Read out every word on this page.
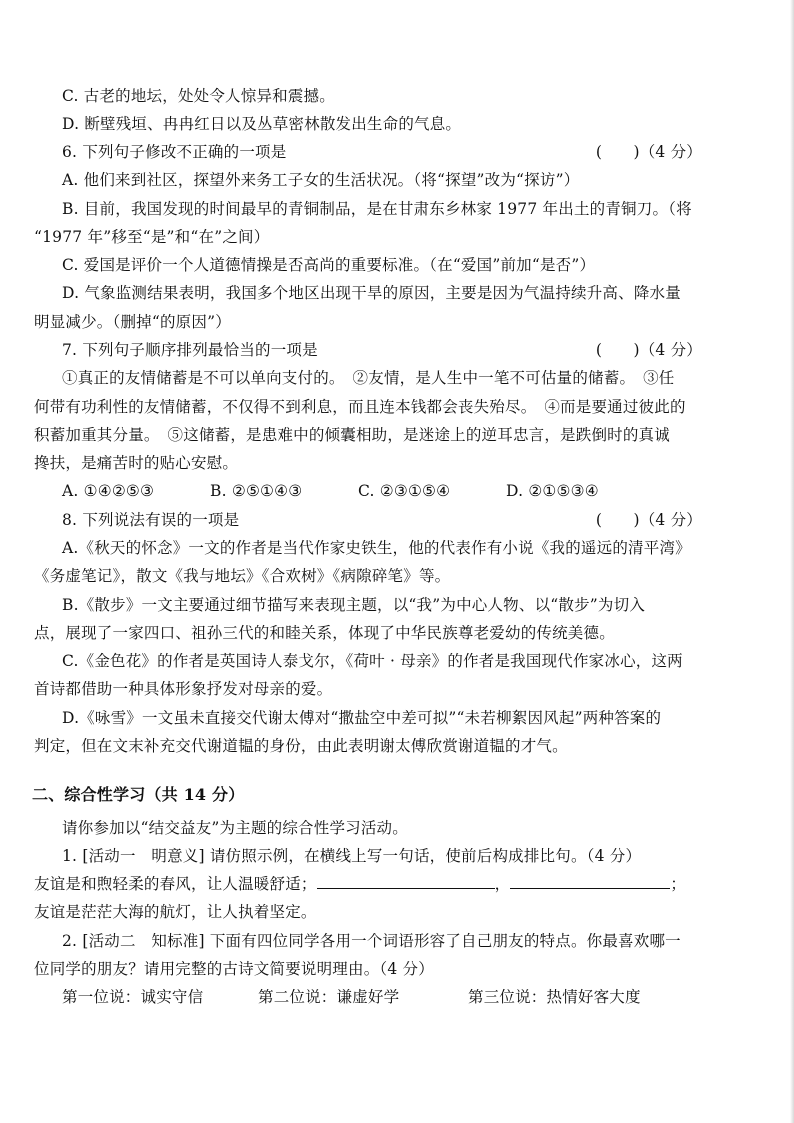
C. 古老的地坛，处处令人惊异和震撼。
D. 断壁残垣、冉冉红日以及丛草密林散发出生命的气息。
6. 下列句子修改不正确的一项是	(　　)（4 分）
A. 他们来到社区，探望外来务工子女的生活状况。（将“探望”改为“探访”）
B. 目前，我国发现的时间最早的青铜制品，是在甘肃东乡林家 1977 年出土的青铜刀。（将
“1977 年”移至“是”和“在”之间）
C. 爱国是评价一个人道德情操是否高尚的重要标准。（在“爱国”前加“是否”）
D. 气象监测结果表明，我国多个地区出现干旱的原因，主要是因为气温持续升高、降水量
明显减少。（删掉“的原因”）
7. 下列句子顺序排列最恰当的一项是	(　　)（4 分）
①真正的友情储蓄是不可以单向支付的。　②友情，是人生中一笔不可估量的储蓄。　③任
何带有功利性的友情储蓄，不仅得不到利息，而且连本钱都会丧失殆尽。　④而是要通过彼此的
积蓄加重其分量。　⑤这储蓄，是患难中的倾囊相助，是迷途上的逆耳忠言，是跌倒时的真诚
搀扶，是痛苦时的贴心安慰。
A. ①④②⑤③	B. ②⑤①④③	C. ②③①⑤④	D. ②①⑤③④
8. 下列说法有误的一项是	(　　)（4 分）
A.《秋天的怀念》一文的作者是当代作家史铁生，他的代表作有小说《我的遥远的清平湾》
《务虚笔记》，散文《我与地坛》《合欢树》《病隙碎笔》等。
B.《散步》一文主要通过细节描写来表现主题，以“我”为中心人物、以“散步”为切入
点，展现了一家四口、祖孙三代的和睦关系，体现了中华民族尊老爱幼的传统美德。
C.《金色花》的作者是英国诗人泰戈尔，《荷叶 · 母亲》的作者是我国现代作家冰心，这两
首诗都借助一种具体形象抒发对母亲的爱。
D.《咏雪》一文虽未直接交代谢太傅对“撒盐空中差可拟”“未若柳絮因风起”两种答案的
判定，但在文末补充交代谢道韫的身份，由此表明谢太傅欣赏谢道韫的才气。
二、综合性学习（共 14 分）
请你参加以“结交益友”为主题的综合性学习活动。
1. [活动一　明意义] 请仿照示例，在横线上写一句话，使前后构成排比句。（4 分）
友谊是和煦轻柔的春风，让人温暖舒适；	，	；
友谊是茫茫大海的航灯，让人执着坚定。
2. [活动二　知标准] 下面有四位同学各用一个词语形容了自己朋友的特点。你最喜欢哪一
位同学的朋友？请用完整的古诗文简要说明理由。（4 分）
第一位说：诚实守信	第二位说：谦虚好学	第三位说：热情好客大度
